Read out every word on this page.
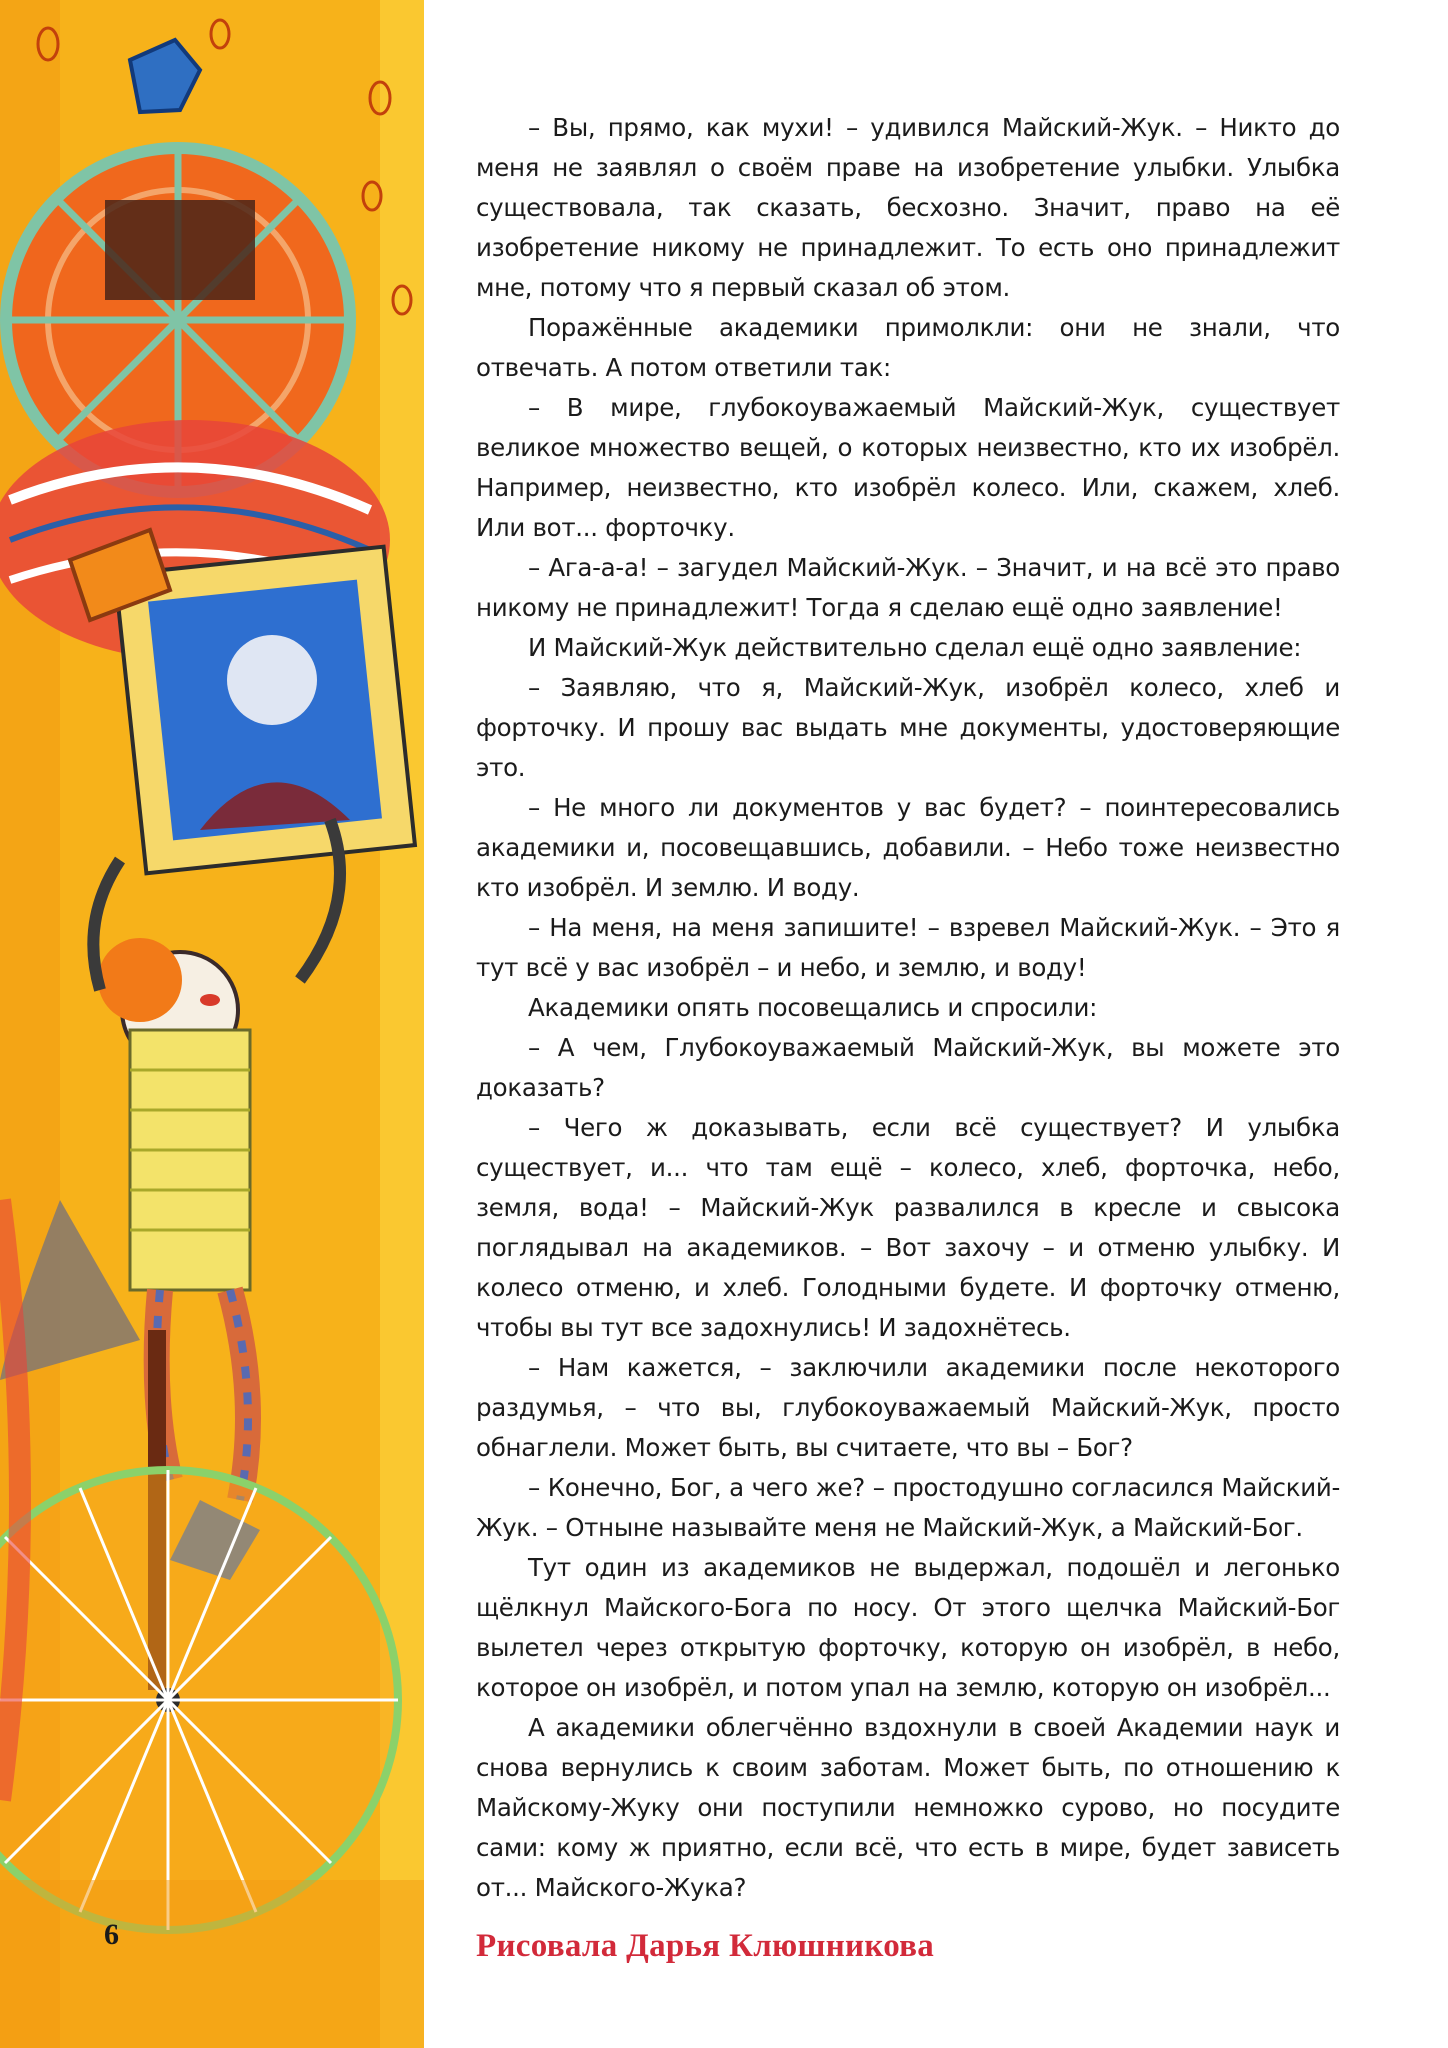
6

– Вы, прямо, как мухи! – удивился Майский-Жук. – Никто до меня не заявлял о своём праве на изобретение улыбки. Улыбка существовала, так сказать, бесхозно. Значит, право на её изобретение никому не принадлежит. То есть оно принадлежит мне, потому что я первый сказал об этом.

Поражённые академики примолкли: они не знали, что отвечать. А потом ответили так:

– В мире, глубокоуважаемый Майский-Жук, существует великое множество вещей, о которых неизвестно, кто их изобрёл. Например, неизвестно, кто изобрёл колесо. Или, скажем, хлеб. Или вот... форточку.

– Ага-а-а! – загудел Майский-Жук. – Значит, и на всё это право никому не принадлежит! Тогда я сделаю ещё одно заявление!

И Майский-Жук действительно сделал ещё одно заявление:

– Заявляю, что я, Майский-Жук, изобрёл колесо, хлеб и форточку. И прошу вас выдать мне документы, удостоверяющие это.

– Не много ли документов у вас будет? – поинтересовались академики и, посовещавшись, добавили. – Небо тоже неизвестно кто изобрёл. И землю. И воду.

– На меня, на меня запишите! – взревел Майский-Жук. – Это я тут всё у вас изобрёл – и небо, и землю, и воду!

Академики опять посовещались и спросили:

– А чем, Глубокоуважаемый Майский-Жук, вы можете это доказать?

– Чего ж доказывать, если всё существует? И улыбка существует, и... что там ещё – колесо, хлеб, форточка, небо, земля, вода! – Майский-Жук развалился в кресле и свысока поглядывал на академиков. – Вот захочу – и отменю улыбку. И колесо отменю, и хлеб. Голодными будете. И форточку отменю, чтобы вы тут все задохнулись! И задохнётесь.

– Нам кажется, – заключили академики после некоторого раздумья, – что вы, глубокоуважаемый Майский-Жук, просто обнаглели. Может быть, вы считаете, что вы – Бог?

– Конечно, Бог, а чего же? – простодушно согласился Майский-Жук. – Отныне называйте меня не Майский-Жук, а Майский-Бог.

Тут один из академиков не выдержал, подошёл и легонько щёлкнул Майского-Бога по носу. От этого щелчка Майский-Бог вылетел через открытую форточку, которую он изобрёл, в небо, которое он изобрёл, и потом упал на землю, которую он изобрёл...

А академики облегчённо вздохнули в своей Академии наук и снова вернулись к своим заботам. Может быть, по отношению к Майскому-Жуку они поступили немножко сурово, но посудите сами: кому ж приятно, если всё, что есть в мире, будет зависеть от... Майского-Жука?

Рисовала Дарья Клюшникова
